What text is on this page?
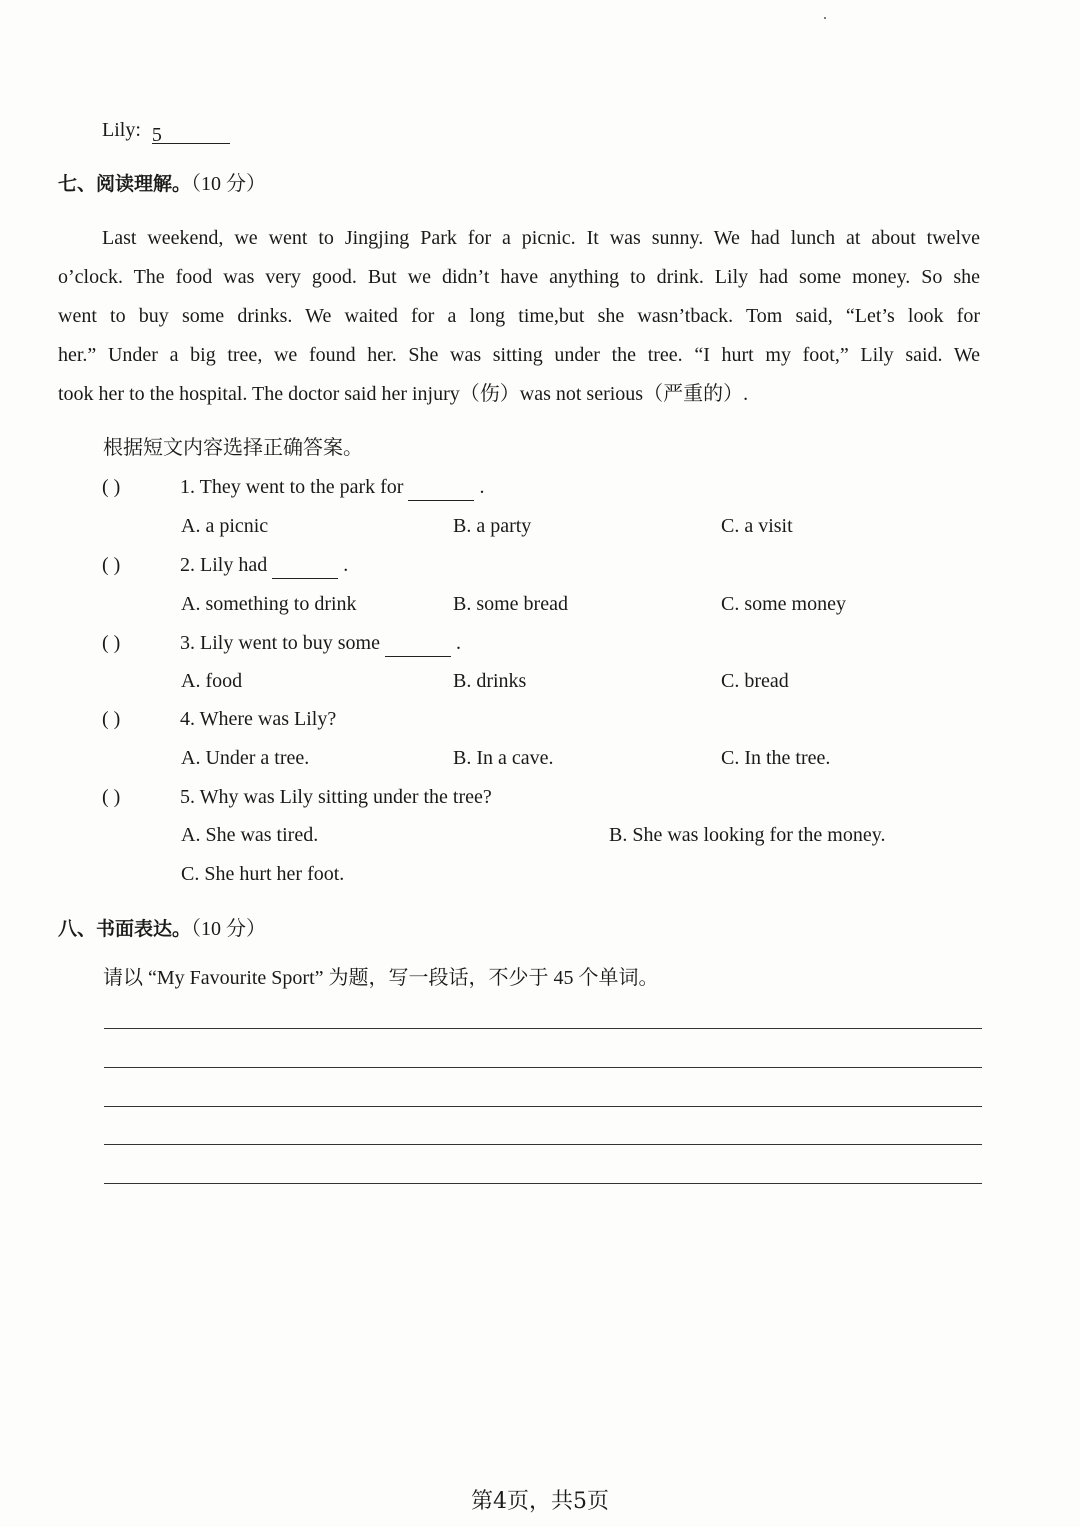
Lily: 5
七、阅读理解。（10 分）
Last weekend, we went to Jingjing Park for a picnic. It was sunny. We had lunch at about twelve
o’clock. The food was very good. But we didn’t have anything to drink. Lily had some money. So she
went to buy some drinks. We waited for a long time,but she wasn’tback. Tom said, “Let’s look for
her.” Under a big tree, we found her. She was sitting under the tree. “I hurt my foot,” Lily said. We
took her to the hospital. The doctor said her injury（伤）was not serious（严重的）.
根据短文内容选择正确答案。
( )	1. They went to the park for	.
A. a picnic	B. a party	C. a visit
( )	2. Lily had	.
A. something to drink	B. some bread	C. some money
( )	3. Lily went to buy some	.
A. food	B. drinks	C. bread
( )	4. Where was Lily?
A. Under a tree.	B. In a cave.	C. In the tree.
( )	5. Why was Lily sitting under the tree?
A. She was tired.	B. She was looking for the money.
C. She hurt her foot.
八、书面表达。（10 分）
请以 “My Favourite Sport” 为题，写一段话，不少于 45 个单词。
第4页，共5页
